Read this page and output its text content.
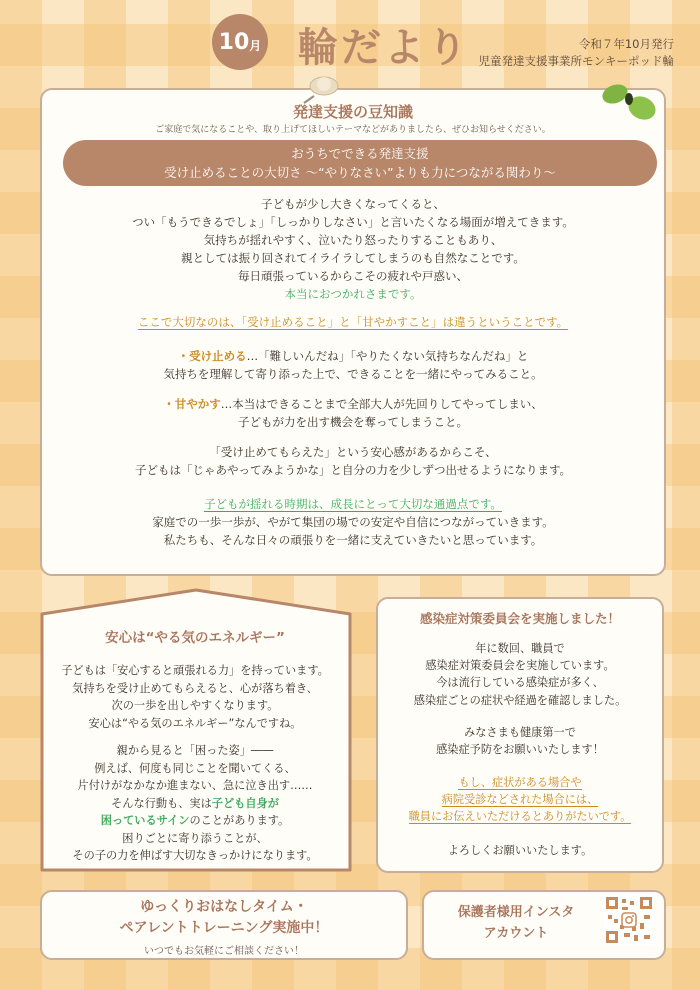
10 月 輪だより	令和７年10月発行
児童発達支援事業所モンキーポッド輪
発達支援の豆知識
ご家庭で気になることや、取り上げてほしいテーマなどがありましたら、ぜひお知らせください。
おうちでできる発達支援
受け止めることの大切さ 〜“やりなさい”よりも力につながる関わり〜
子どもが少し大きくなってくると、
つい「もうできるでしょ」「しっかりしなさい」と言いたくなる場面が増えてきます。
気持ちが揺れやすく、泣いたり怒ったりすることもあり、
親としては振り回されてイライラしてしまうのも自然なことです。
毎日頑張っているからこその疲れや戸惑い、
本当におつかれさまです。
ここで大切なのは、「受け止めること」と「甘やかすこと」は違うということです。
・受け止める…「難しいんだね」「やりたくない気持ちなんだね」と
気持ちを理解して寄り添った上で、できることを一緒にやってみること。
・甘やかす…本当はできることまで全部大人が先回りしてやってしまい、
子どもが力を出す機会を奪ってしまうこと。
「受け止めてもらえた」という安心感があるからこそ、
子どもは「じゃあやってみようかな」と自分の力を少しずつ出せるようになります。
子どもが揺れる時期は、成長にとって大切な通過点です。
家庭での一歩一歩が、やがて集団の場での安定や自信につながっていきます。
私たちも、そんな日々の頑張りを一緒に支えていきたいと思っています。
安心は“やる気のエネルギー”
子どもは「安心すると頑張れる力」を持っています。
気持ちを受け止めてもらえると、心が落ち着き、
次の一歩を出しやすくなります。
安心は“やる気のエネルギー”なんですね。
親から見ると「困った姿」――
例えば、何度も同じことを聞いてくる、
片付けがなかなか進まない、急に泣き出す……
そんな行動も、実は子ども自身が
困っているサインのことがあります。
困りごとに寄り添うことが、
その子の力を伸ばす大切なきっかけになります。
感染症対策委員会を実施しました！
年に数回、職員で
感染症対策委員会を実施しています。
今は流行している感染症が多く、
感染症ごとの症状や経過を確認しました。
みなさまも健康第一で
感染症予防をお願いいたします！
もし、症状がある場合や
病院受診などされた場合には、
職員にお伝えいただけるとありがたいです。
よろしくお願いいたします。
ゆっくりおはなしタイム・
ペアレントトレーニング実施中！
いつでもお気軽にご相談ください！
保護者様用インスタ
アカウント
